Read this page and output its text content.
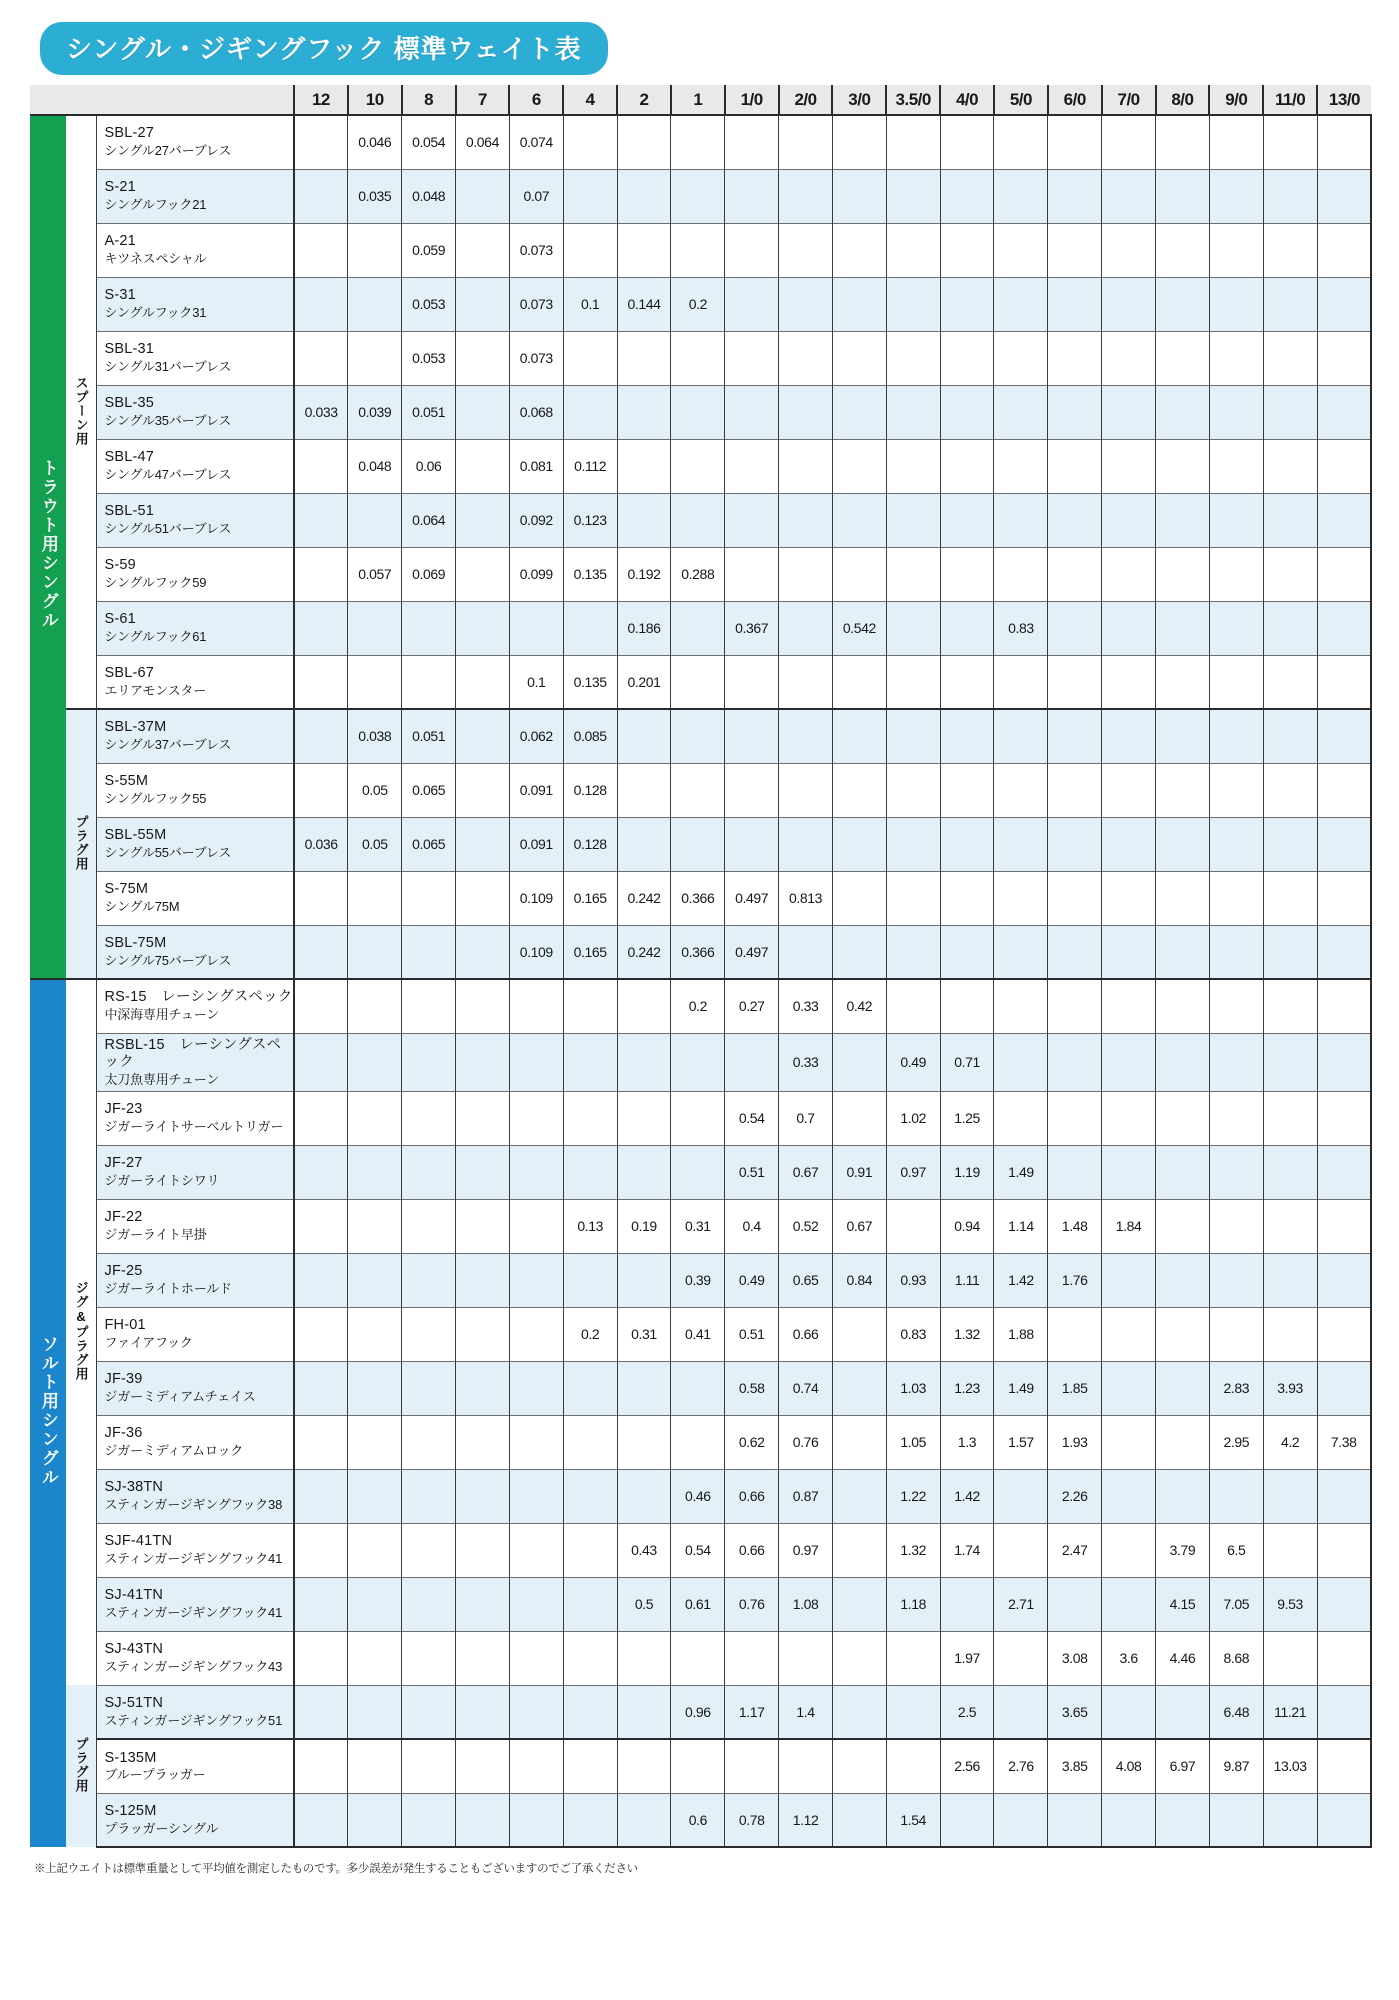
シングル・ジギングフック 標準ウェイト表
			12	10	8	7	6	4	2	1	1/0	2/0	3/0	3.5/0	4/0	5/0	6/0	7/0	8/0	9/0	11/0	13/0
トラウト用シングル	スプーン用	SBL-27
シングル27バーブレス		0.046	0.054	0.064	0.074															

		S-21
シングルフック21		0.035	0.048		0.07															

		A-21
キツネスペシャル			0.059		0.073															

		S-31
シングルフック31			0.053		0.073	0.1	0.144	0.2												

		SBL-31
シングル31バーブレス			0.053		0.073															

		SBL-35
シングル35バーブレス	0.033	0.039	0.051		0.068															

		SBL-47
シングル47バーブレス		0.048	0.06		0.081	0.112														

		SBL-51
シングル51バーブレス			0.064		0.092	0.123														

		S-59
シングルフック59		0.057	0.069		0.099	0.135	0.192	0.288												

		S-61
シングルフック61							0.186		0.367		0.542			0.83						

		SBL-67
エリアモンスター					0.1	0.135	0.201													
	プラグ用	SBL-37M
シングル37バーブレス		0.038	0.051		0.062	0.085														

		S-55M
シングルフック55		0.05	0.065		0.091	0.128														

		SBL-55M
シングル55バーブレス	0.036	0.05	0.065		0.091	0.128														

		S-75M
シングル75M					0.109	0.165	0.242	0.366	0.497	0.813										

		SBL-75M
シングル75バーブレス					0.109	0.165	0.242	0.366	0.497											
ソルト用シングル	ジグ&プラグ用	RS-15　レーシングスペック
中深海専用チューン								0.2	0.27	0.33	0.42									

		RSBL-15　レーシングスペック
太刀魚専用チューン										0.33		0.49	0.71							

		JF-23
ジガーライトサーベルトリガー									0.54	0.7		1.02	1.25							

		JF-27
ジガーライトシワリ									0.51	0.67	0.91	0.97	1.19	1.49						

		JF-22
ジガーライト早掛						0.13	0.19	0.31	0.4	0.52	0.67		0.94	1.14	1.48	1.84				

		JF-25
ジガーライトホールド								0.39	0.49	0.65	0.84	0.93	1.11	1.42	1.76					

		FH-01
ファイアフック						0.2	0.31	0.41	0.51	0.66		0.83	1.32	1.88						

		JF-39
ジガーミディアムチェイス									0.58	0.74		1.03	1.23	1.49	1.85			2.83	3.93	

		JF-36
ジガーミディアムロック									0.62	0.76		1.05	1.3	1.57	1.93			2.95	4.2	7.38

		SJ-38TN
スティンガージギングフック38								0.46	0.66	0.87		1.22	1.42		2.26					

		SJF-41TN
スティンガージギングフック41							0.43	0.54	0.66	0.97		1.32	1.74		2.47		3.79	6.5		

		SJ-41TN
スティンガージギングフック41							0.5	0.61	0.76	1.08		1.18		2.71			4.15	7.05	9.53	

		SJ-43TN
スティンガージギングフック43													1.97		3.08	3.6	4.46	8.68		
	プラグ用	SJ-51TN
スティンガージギングフック51								0.96	1.17	1.4			2.5		3.65			6.48	11.21	

		S-135M
ブループラッガー													2.56	2.76	3.85	4.08	6.97	9.87	13.03	

		S-125M
プラッガーシングル								0.6	0.78	1.12		1.54								
※上記ウエイトは標準重量として平均値を測定したものです。多少誤差が発生することもございますのでご了承ください
